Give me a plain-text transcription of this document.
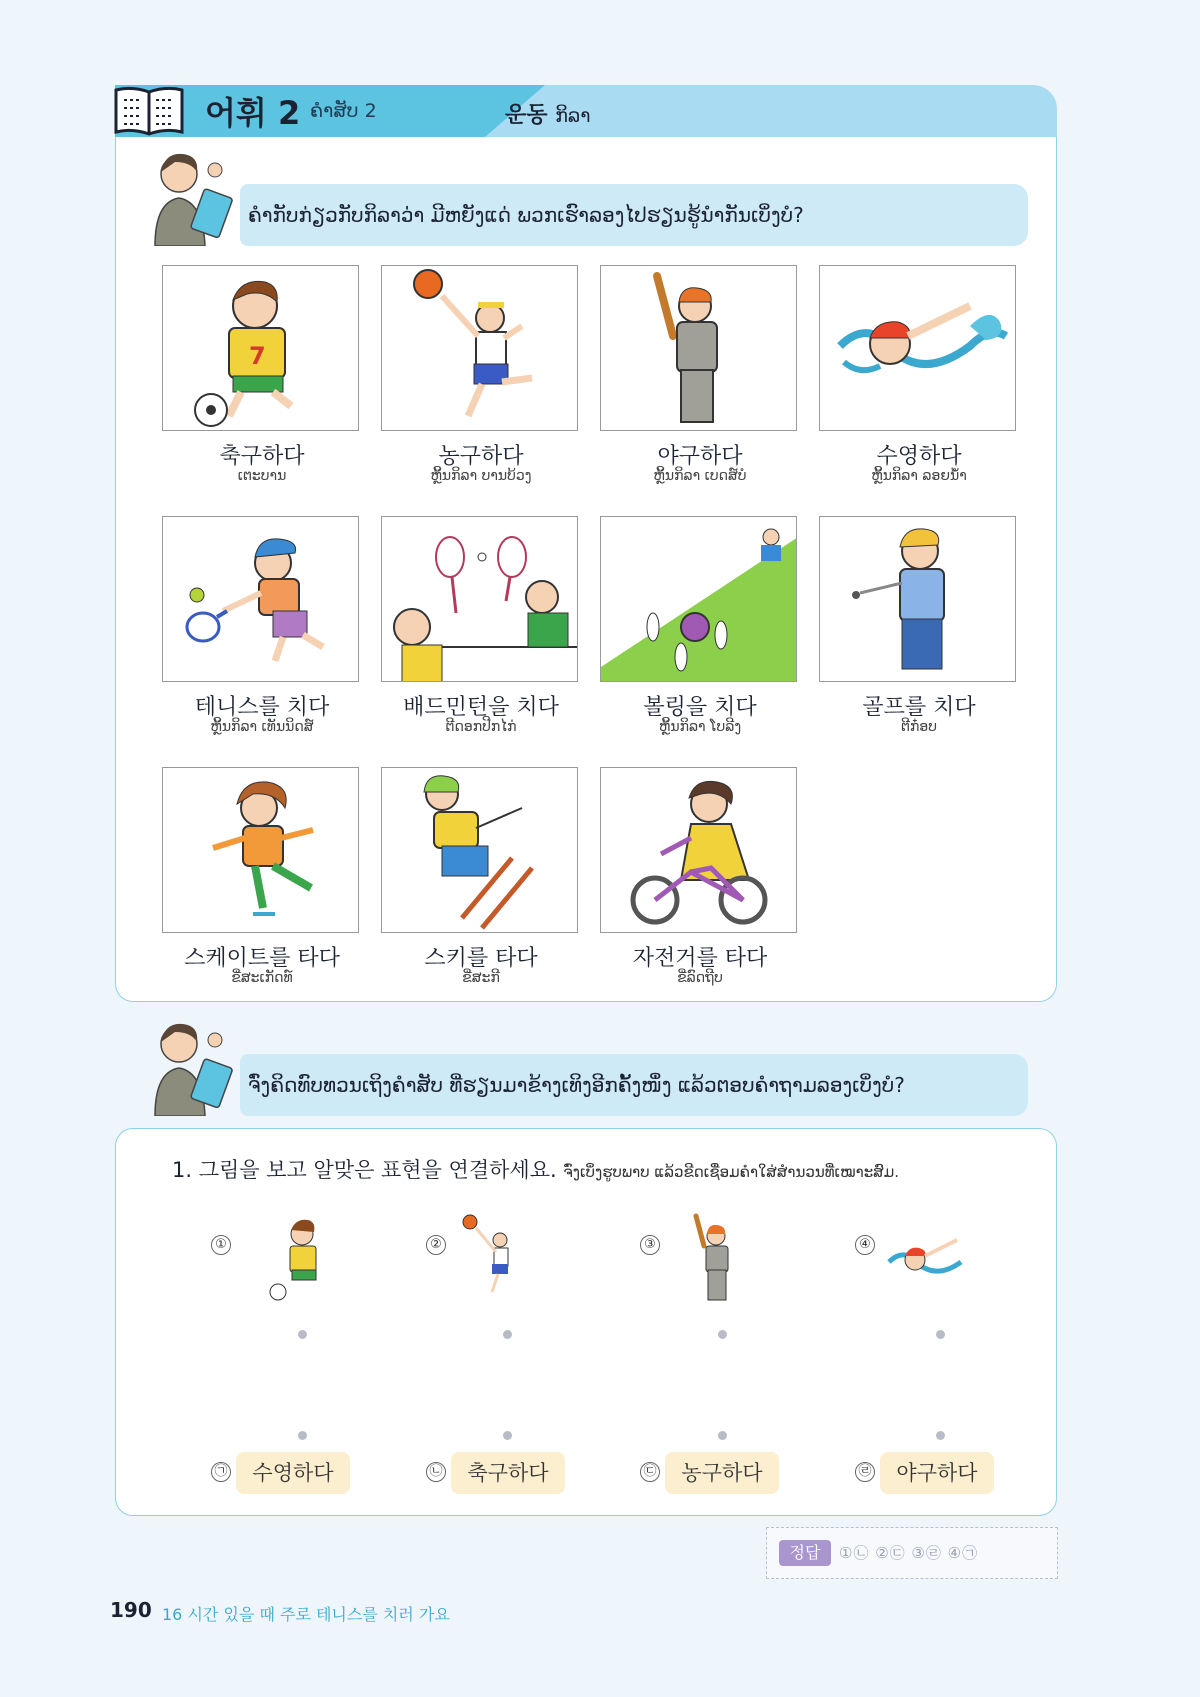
어휘 2 ຄຳສັບ 2	운동 ກິລາ
ຄຳກັບກ່ຽວກັບກິລາວ່າ ມີຫຍັງແດ່ ພວກເຮົາລອງໄປຮຽນຮູ້ນຳກັນເບິ່ງບໍ?
7
축구하다
ເຕະບານ
농구하다
ຫຼິ້ນກິລາ ບານບ້ວງ
야구하다
ຫຼິ້ນກິລາ ເບດສ໌ບໍ
수영하다
ຫຼິ້ນກິລາ ລອຍນ້ຳ
테니스를 치다
ຫຼິ້ນກິລາ ເທັນນິດສ໌
배드민턴을 치다
ຕີດອກປີກໄກ່
볼링을 치다
ຫຼິ້ນກິລາ ໂບລີງ
골프를 치다
ຕີກ໋ອບ
스케이트를 타다
ຂີ່ສະເກັດທ໌
스키를 타다
ຂີ່ສະກີ
자전거를 타다
ຂີ່ລົດຖີບ
ຈົ່ງຄິດທົບທວນເຖິງຄຳສັບ ທີ່ຮຽນມາຂ້າງເທິງອີກຄັ້ງໜຶ່ງ ແລ້ວຕອບຄຳຖາມລອງເບິ່ງບໍ?
1. 그림을 보고 알맞은 표현을 연결하세요. ຈົ່ງເບິ່ງຮູບພາບ ແລ້ວຂີດເຊື່ອມຄຳໃສ່ສຳນວນທີ່ເໝາະສົມ.
①	②	③	④
㉠	수영하다	㉡	축구하다	㉢	농구하다	㉣	야구하다
정답	①㉡ ②㉢ ③㉣ ④㉠
190 16 시간 있을 때 주로 테니스를 치러 가요
